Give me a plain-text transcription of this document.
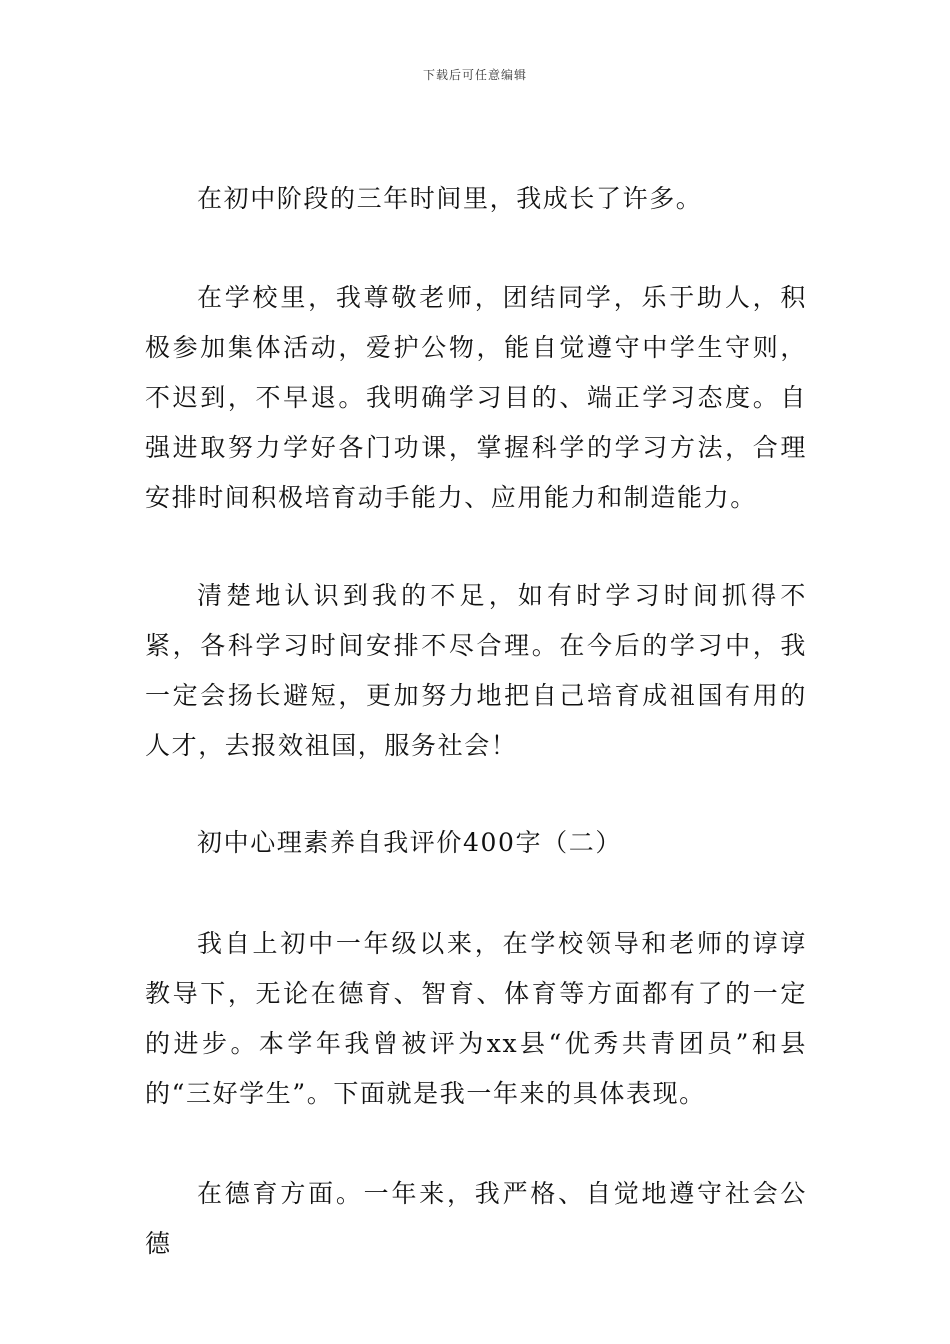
下载后可任意编辑

在初中阶段的三年时间里，我成长了许多。

在学校里，我尊敬老师，团结同学，乐于助人，积极参加集体活动，爱护公物，能自觉遵守中学生守则，不迟到，不早退。我明确学习目的、端正学习态度。自强进取努力学好各门功课，掌握科学的学习方法，合理安排时间积极培育动手能力、应用能力和制造能力。

清楚地认识到我的不足，如有时学习时间抓得不紧，各科学习时间安排不尽合理。在今后的学习中，我一定会扬长避短，更加努力地把自己培育成祖国有用的人才，去报效祖国，服务社会！

初中心理素养自我评价400字（二）

我自上初中一年级以来，在学校领导和老师的谆谆教导下，无论在德育、智育、体育等方面都有了的一定的进步。本学年我曾被评为xx县“优秀共青团员”和县的“三好学生”。下面就是我一年来的具体表现。

在德育方面。一年来，我严格、自觉地遵守社会公德
